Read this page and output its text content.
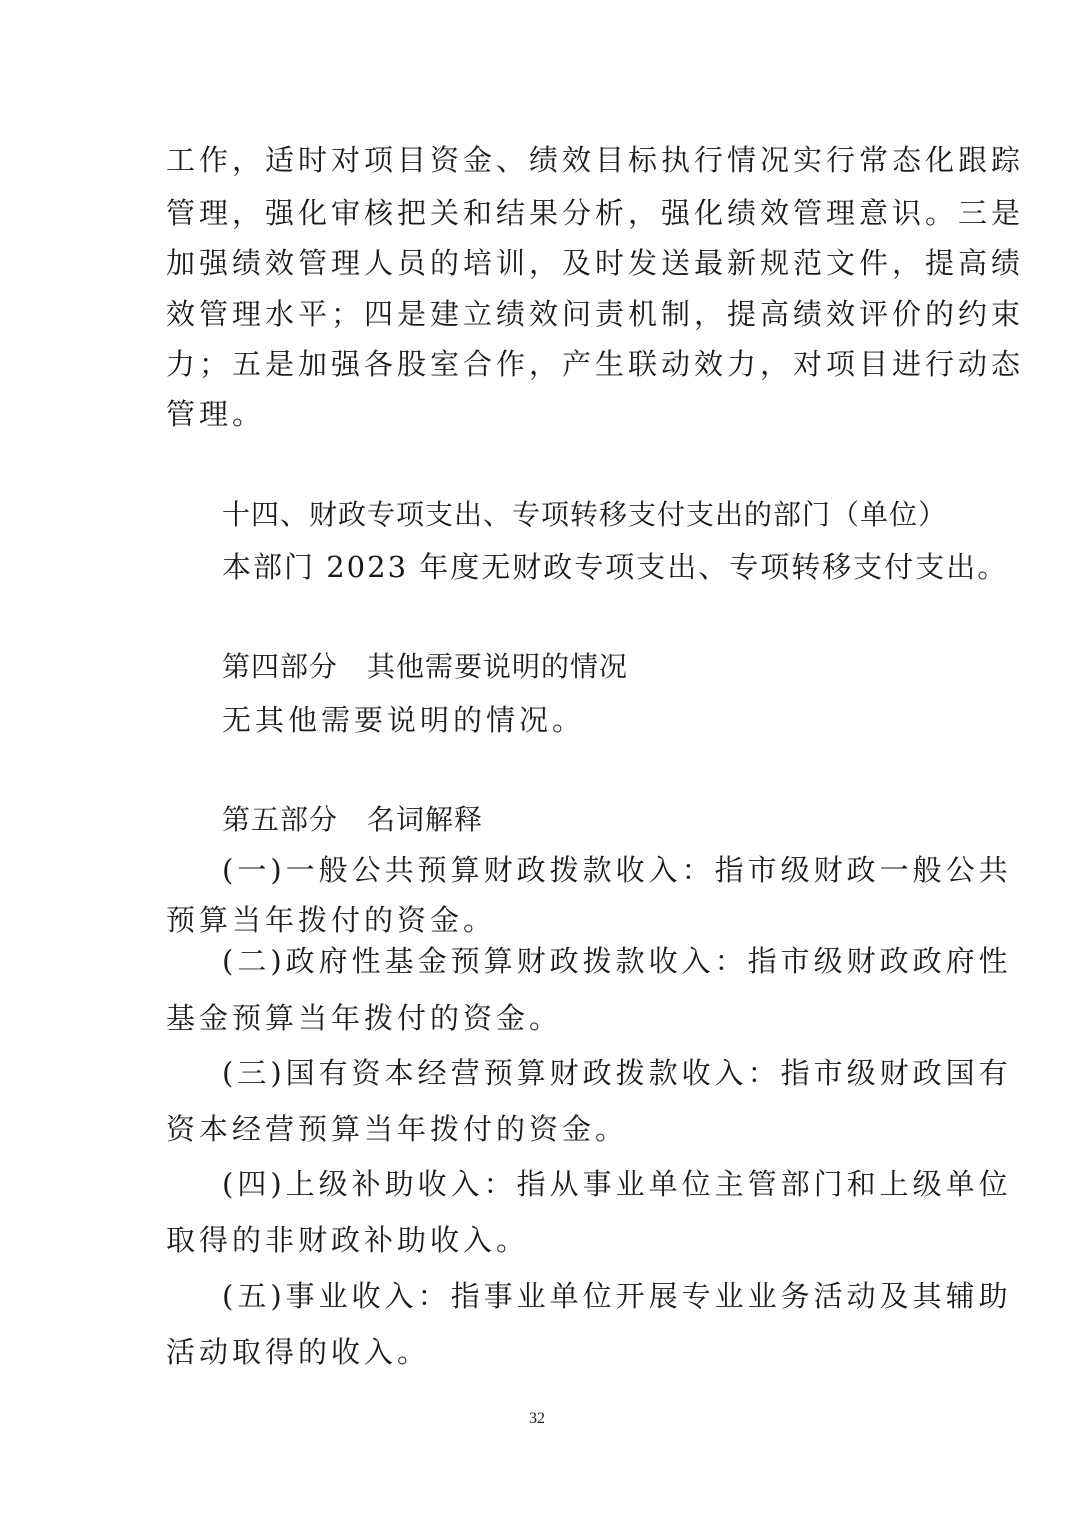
工作，适时对项目资金、绩效目标执行情况实行常态化跟踪
管理，强化审核把关和结果分析，强化绩效管理意识。三是
加强绩效管理人员的培训，及时发送最新规范文件，提高绩
效管理水平；四是建立绩效问责机制，提高绩效评价的约束
力；五是加强各股室合作，产生联动效力，对项目进行动态
管理。
十四、财政专项支出、专项转移支付支出的部门（单位）
本部门 2023 年度无财政专项支出、专项转移支付支出。
第四部分　其他需要说明的情况
无其他需要说明的情况。
第五部分　名词解释
(一)一般公共预算财政拨款收入：指市级财政一般公共
预算当年拨付的资金。
(二)政府性基金预算财政拨款收入：指市级财政政府性
基金预算当年拨付的资金。
(三)国有资本经营预算财政拨款收入：指市级财政国有
资本经营预算当年拨付的资金。
(四)上级补助收入：指从事业单位主管部门和上级单位
取得的非财政补助收入。
(五)事业收入：指事业单位开展专业业务活动及其辅助
活动取得的收入。
32
